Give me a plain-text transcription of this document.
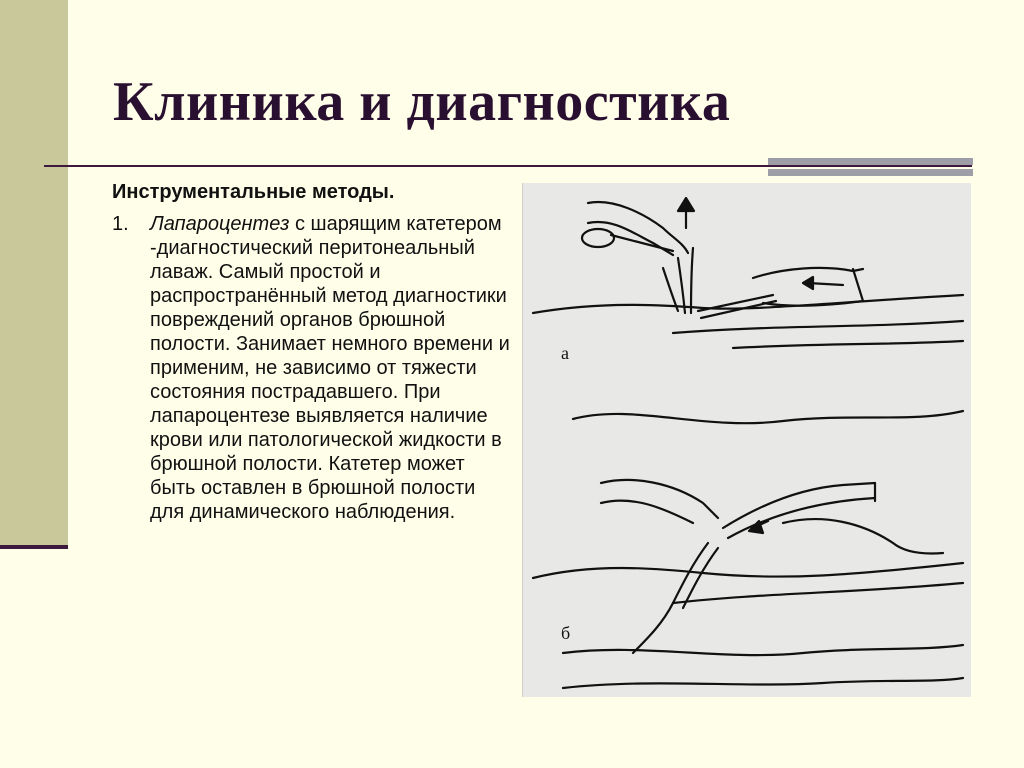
Клиника и диагностика
Инструментальные методы.
1.	Лапароцентез с шарящим катетером -диагностический перитонеальный лаваж. Самый простой и распространённый метод диагностики повреждений органов брюшной полости. Занимает немного времени и применим, не зависимо от тяжести состояния пострадавшего. При лапароцентезе выявляется наличие крови или патологической жидкости в брюшной полости. Катетер может быть оставлен в брюшной полости для динамического наблюдения.
а
б
